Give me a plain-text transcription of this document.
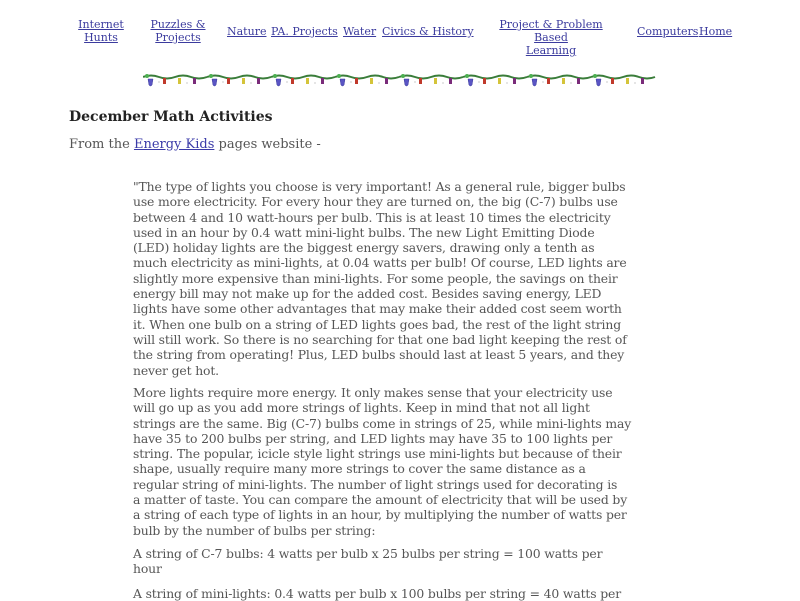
Internet
Hunts
Puzzles &
Projects	Nature PA. Projects Water Civics & History
Project & Problem Based
Learning
Computers Home
December Math Activities

From the Energy Kids pages website -

"The type of lights you choose is very important! As a general rule, bigger bulbs
use more electricity. For every hour they are turned on, the big (C-7) bulbs use
between 4 and 10 watt-hours per bulb. This is at least 10 times the electricity
used in an hour by 0.4 watt mini-light bulbs. The new Light Emitting Diode
(LED) holiday lights are the biggest energy savers, drawing only a tenth as
much electricity as mini-lights, at 0.04 watts per bulb! Of course, LED lights are
slightly more expensive than mini-lights. For some people, the savings on their
energy bill may not make up for the added cost. Besides saving energy, LED
lights have some other advantages that may make their added cost seem worth
it. When one bulb on a string of LED lights goes bad, the rest of the light string
will still work. So there is no searching for that one bad light keeping the rest of
the string from operating! Plus, LED bulbs should last at least 5 years, and they
never get hot.
More lights require more energy. It only makes sense that your electricity use
will go up as you add more strings of lights. Keep in mind that not all light
strings are the same. Big (C-7) bulbs come in strings of 25, while mini-lights may
have 35 to 200 bulbs per string, and LED lights may have 35 to 100 lights per
string. The popular, icicle style light strings use mini-lights but because of their
shape, usually require many more strings to cover the same distance as a
regular string of mini-lights. The number of light strings used for decorating is
a matter of taste. You can compare the amount of electricity that will be used by
a string of each type of lights in an hour, by multiplying the number of watts per
bulb by the number of bulbs per string:
A string of C-7 bulbs: 4 watts per bulb x 25 bulbs per string = 100 watts per
hour
A string of mini-lights: 0.4 watts per bulb x 100 bulbs per string = 40 watts per
